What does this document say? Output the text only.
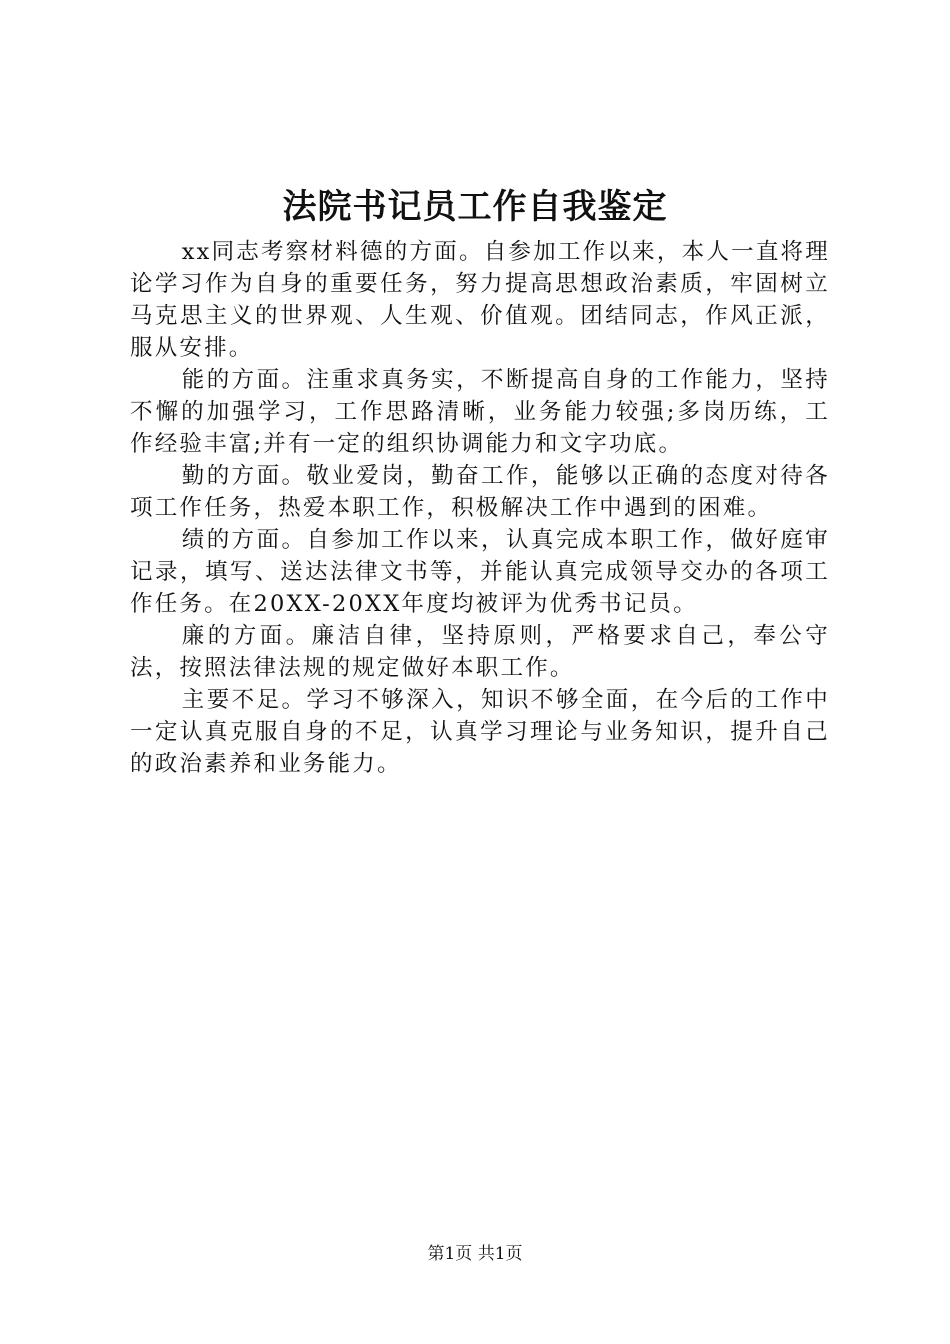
法院书记员工作自我鉴定

xx同志考察材料德的方面。自参加工作以来，本人一直将理论学习作为自身的重要任务，努力提高思想政治素质，牢固树立马克思主义的世界观、人生观、价值观。团结同志，作风正派，服从安排。

能的方面。注重求真务实，不断提高自身的工作能力，坚持不懈的加强学习，工作思路清晰，业务能力较强;多岗历练，工作经验丰富;并有一定的组织协调能力和文字功底。

勤的方面。敬业爱岗，勤奋工作，能够以正确的态度对待各项工作任务，热爱本职工作，积极解决工作中遇到的困难。

绩的方面。自参加工作以来，认真完成本职工作，做好庭审记录，填写、送达法律文书等，并能认真完成领导交办的各项工作任务。在20XX-20XX年度均被评为优秀书记员。

廉的方面。廉洁自律，坚持原则，严格要求自己，奉公守法，按照法律法规的规定做好本职工作。

主要不足。学习不够深入，知识不够全面，在今后的工作中一定认真克服自身的不足，认真学习理论与业务知识，提升自己的政治素养和业务能力。

第1页 共1页
